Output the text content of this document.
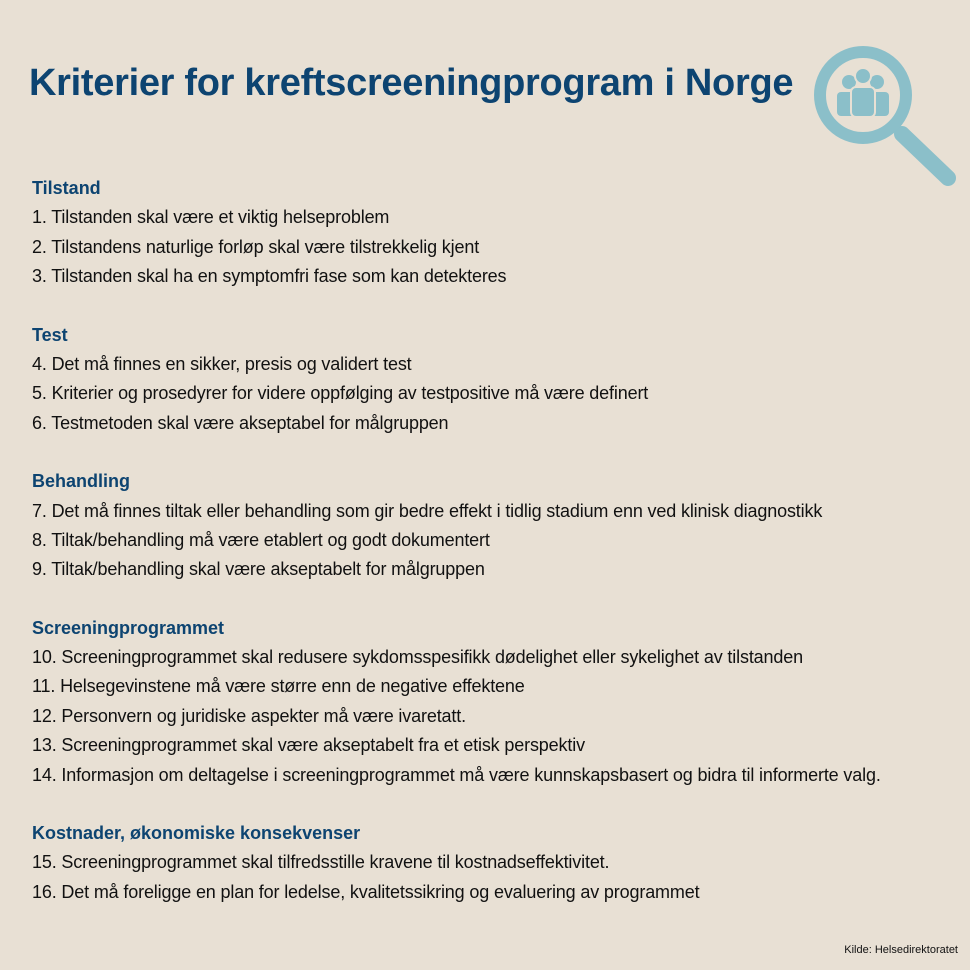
Kriterier for kreftscreeningprogram i Norge
Tilstand
1. Tilstanden skal være et viktig helseproblem
2. Tilstandens naturlige forløp skal være tilstrekkelig kjent
3. Tilstanden skal ha en symptomfri fase som kan detekteres
Test
4. Det må finnes en sikker, presis og validert test
5. Kriterier og prosedyrer for videre oppfølging av testpositive må være definert
6. Testmetoden skal være akseptabel for målgruppen
Behandling
7. Det må finnes tiltak eller behandling som gir bedre effekt i tidlig stadium enn ved klinisk diagnostikk
8. Tiltak/behandling må være etablert og godt dokumentert
9. Tiltak/behandling skal være akseptabelt for målgruppen
Screeningprogrammet
10. Screeningprogrammet skal redusere sykdomsspesifikk dødelighet eller sykelighet av tilstanden
11. Helsegevinstene må være større enn de negative effektene
12. Personvern og juridiske aspekter må være ivaretatt.
13. Screeningprogrammet skal være akseptabelt fra et etisk perspektiv
14. Informasjon om deltagelse i screeningprogrammet må være kunnskapsbasert og bidra til informerte valg.
Kostnader, økonomiske konsekvenser
15. Screeningprogrammet skal tilfredsstille kravene til kostnadseffektivitet.
16. Det må foreligge en plan for ledelse, kvalitetssikring og evaluering av programmet
Kilde: Helsedirektoratet
